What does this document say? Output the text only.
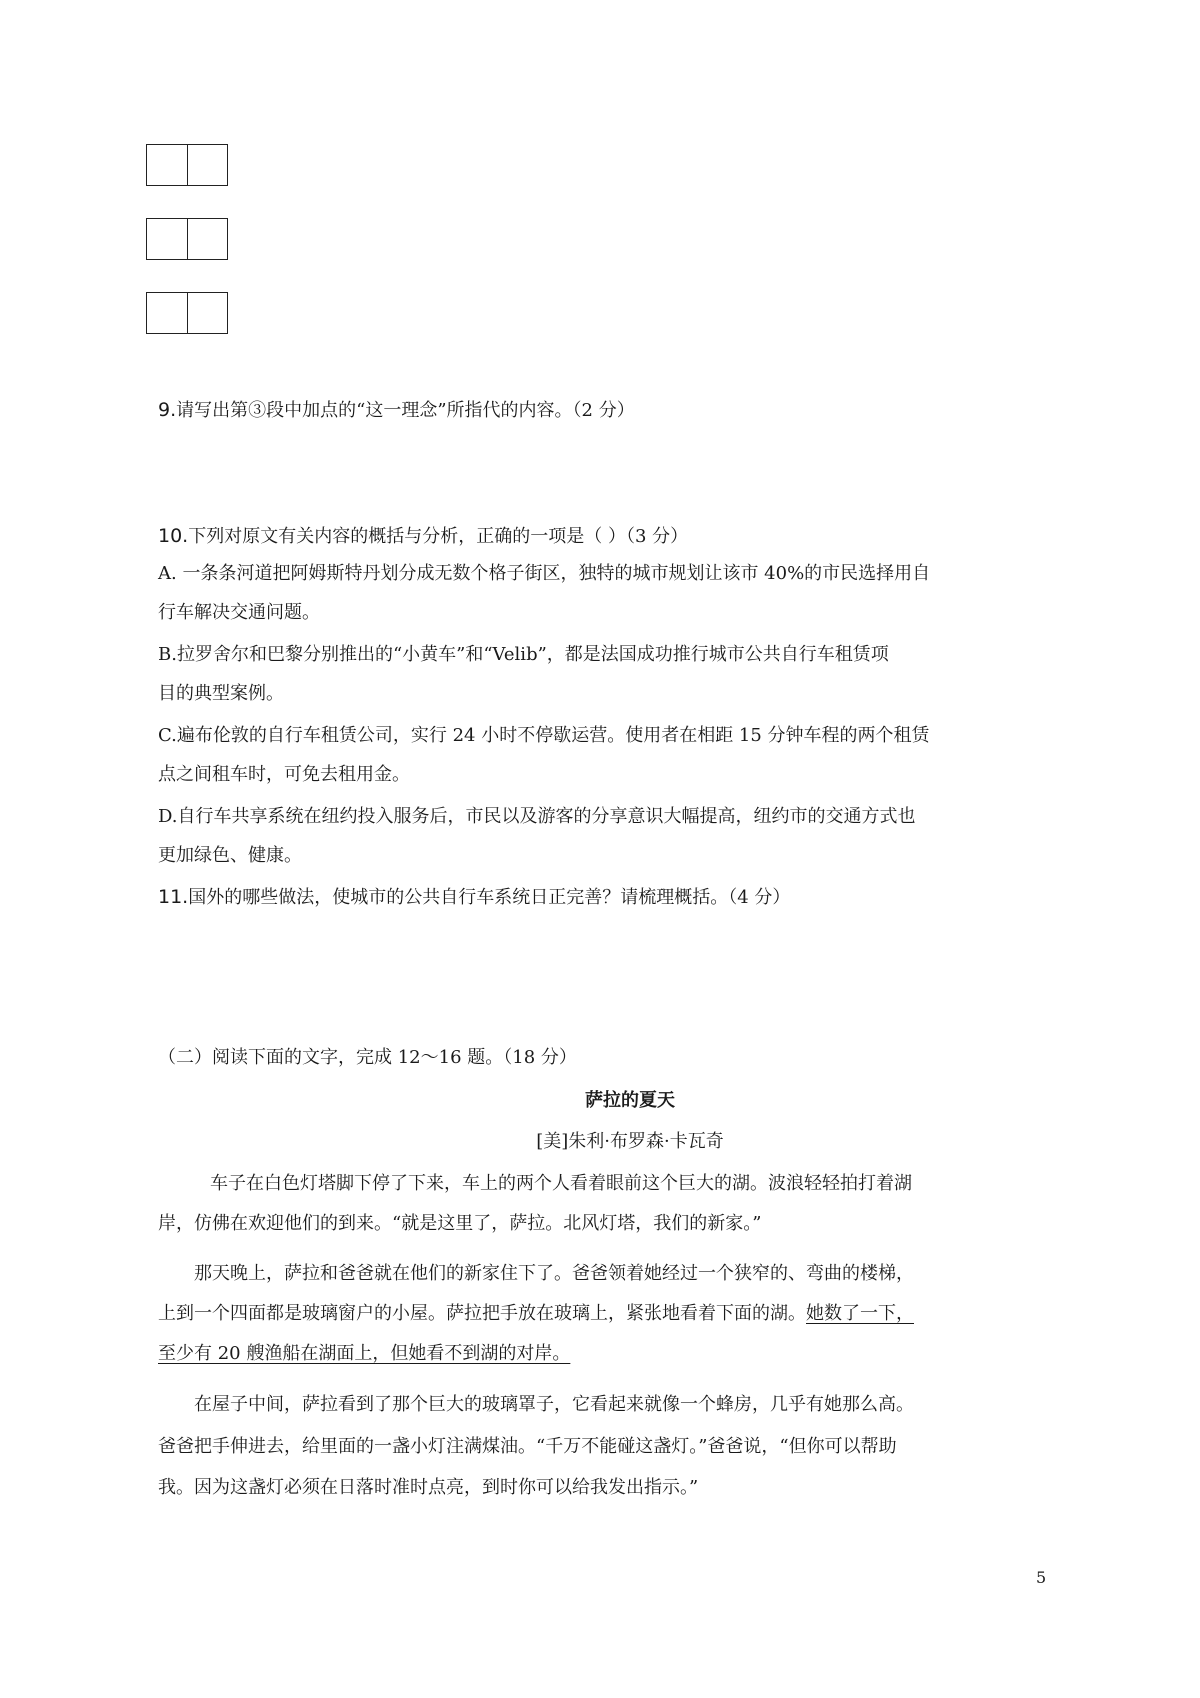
9.请写出第③段中加点的“这一理念”所指代的内容。（2 分）
10.下列对原文有关内容的概括与分析，正确的一项是（ ）（3 分）
A. 一条条河道把阿姆斯特丹划分成无数个格子街区，独特的城市规划让该市 40%的市民选择用自
行车解决交通问题。
B.拉罗舍尔和巴黎分别推出的“小黄车”和“Velib”，都是法国成功推行城市公共自行车租赁项
目的典型案例。
C.遍布伦敦的自行车租赁公司，实行 24 小时不停歇运营。使用者在相距 15 分钟车程的两个租赁
点之间租车时，可免去租用金。
D.自行车共享系统在纽约投入服务后，市民以及游客的分享意识大幅提高，纽约市的交通方式也
更加绿色、健康。
11.国外的哪些做法，使城市的公共自行车系统日正完善？请梳理概括。（4 分）
（二）阅读下面的文字，完成 12～16 题。（18 分）
萨拉的夏天
[美]朱利·布罗森·卡瓦奇
车子在白色灯塔脚下停了下来，车上的两个人看着眼前这个巨大的湖。波浪轻轻拍打着湖
岸，仿佛在欢迎他们的到来。“就是这里了，萨拉。北风灯塔，我们的新家。”
那天晚上，萨拉和爸爸就在他们的新家住下了。爸爸领着她经过一个狭窄的、弯曲的楼梯，
上到一个四面都是玻璃窗户的小屋。萨拉把手放在玻璃上，紧张地看着下面的湖。她数了一下，
至少有 20 艘渔船在湖面上，但她看不到湖的对岸。
在屋子中间，萨拉看到了那个巨大的玻璃罩子，它看起来就像一个蜂房，几乎有她那么高。
爸爸把手伸进去，给里面的一盏小灯注满煤油。“千万不能碰这盏灯。”爸爸说，“但你可以帮助
我。因为这盏灯必须在日落时准时点亮，到时你可以给我发出指示。”
5
